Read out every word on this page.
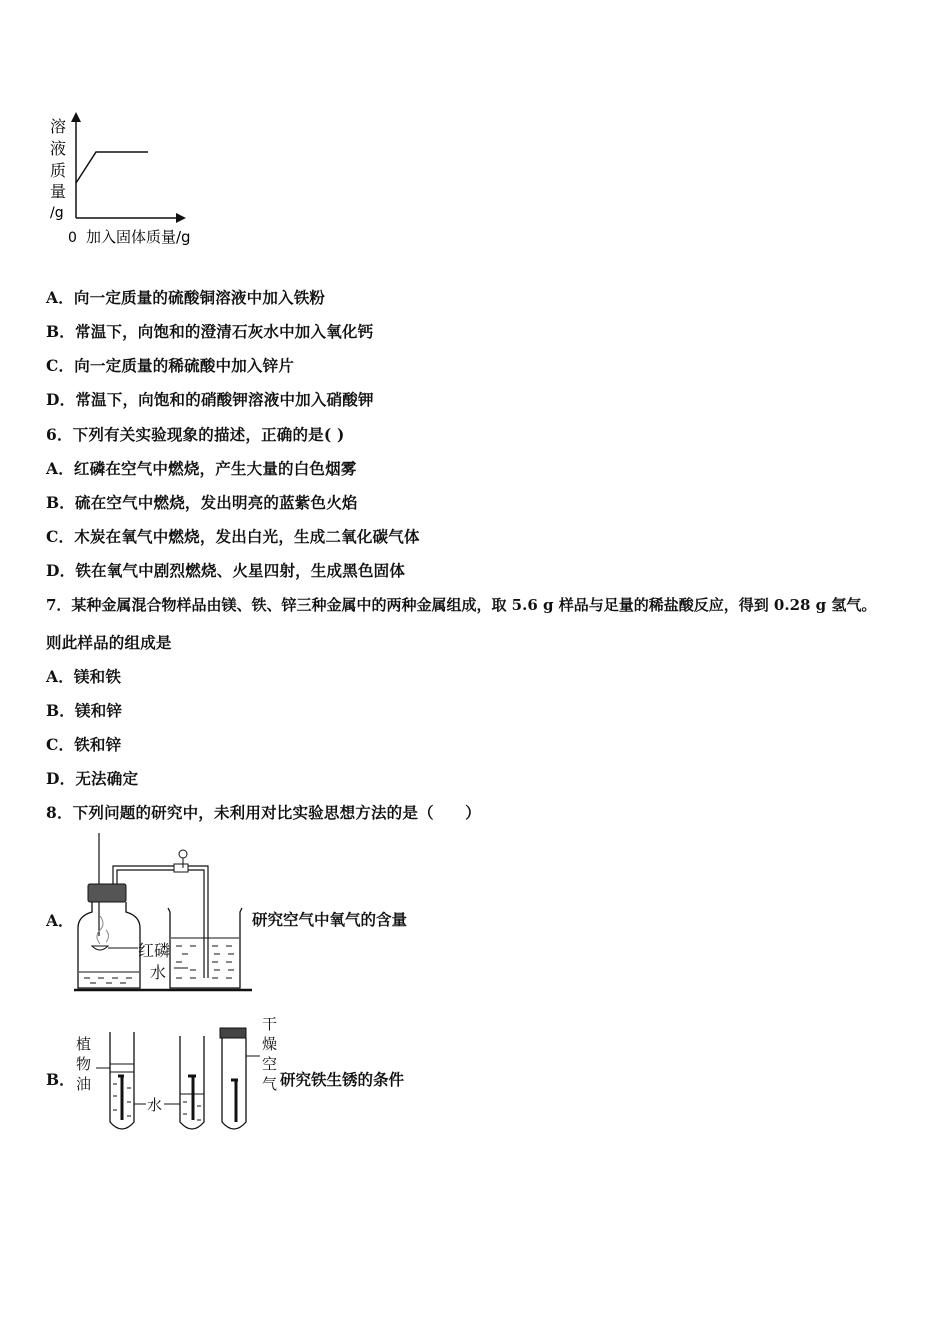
溶
液
质
量
/g
0 加入固体质量/g
A．向一定质量的硫酸铜溶液中加入铁粉
B．常温下，向饱和的澄清石灰水中加入氧化钙
C．向一定质量的稀硫酸中加入锌片
D．常温下，向饱和的硝酸钾溶液中加入硝酸钾
6．下列有关实验现象的描述，正确的是( )
A．红磷在空气中燃烧，产生大量的白色烟雾
B．硫在空气中燃烧，发出明亮的蓝紫色火焰
C．木炭在氧气中燃烧，发出白光，生成二氧化碳气体
D．铁在氧气中剧烈燃烧、火星四射，生成黑色固体
7．某种金属混合物样品由镁、铁、锌三种金属中的两种金属组成，取 5.6 g 样品与足量的稀盐酸反应，得到 0.28 g 氢气。
则此样品的组成是
A．镁和铁
B．镁和锌
C．铁和锌
D．无法确定
8．下列问题的研究中，未利用对比实验思想方法的是（　　）
A．
红磷
水
研究空气中氧气的含量
B．
植
物
油
水
干
燥
空
气 研究铁生锈的条件
